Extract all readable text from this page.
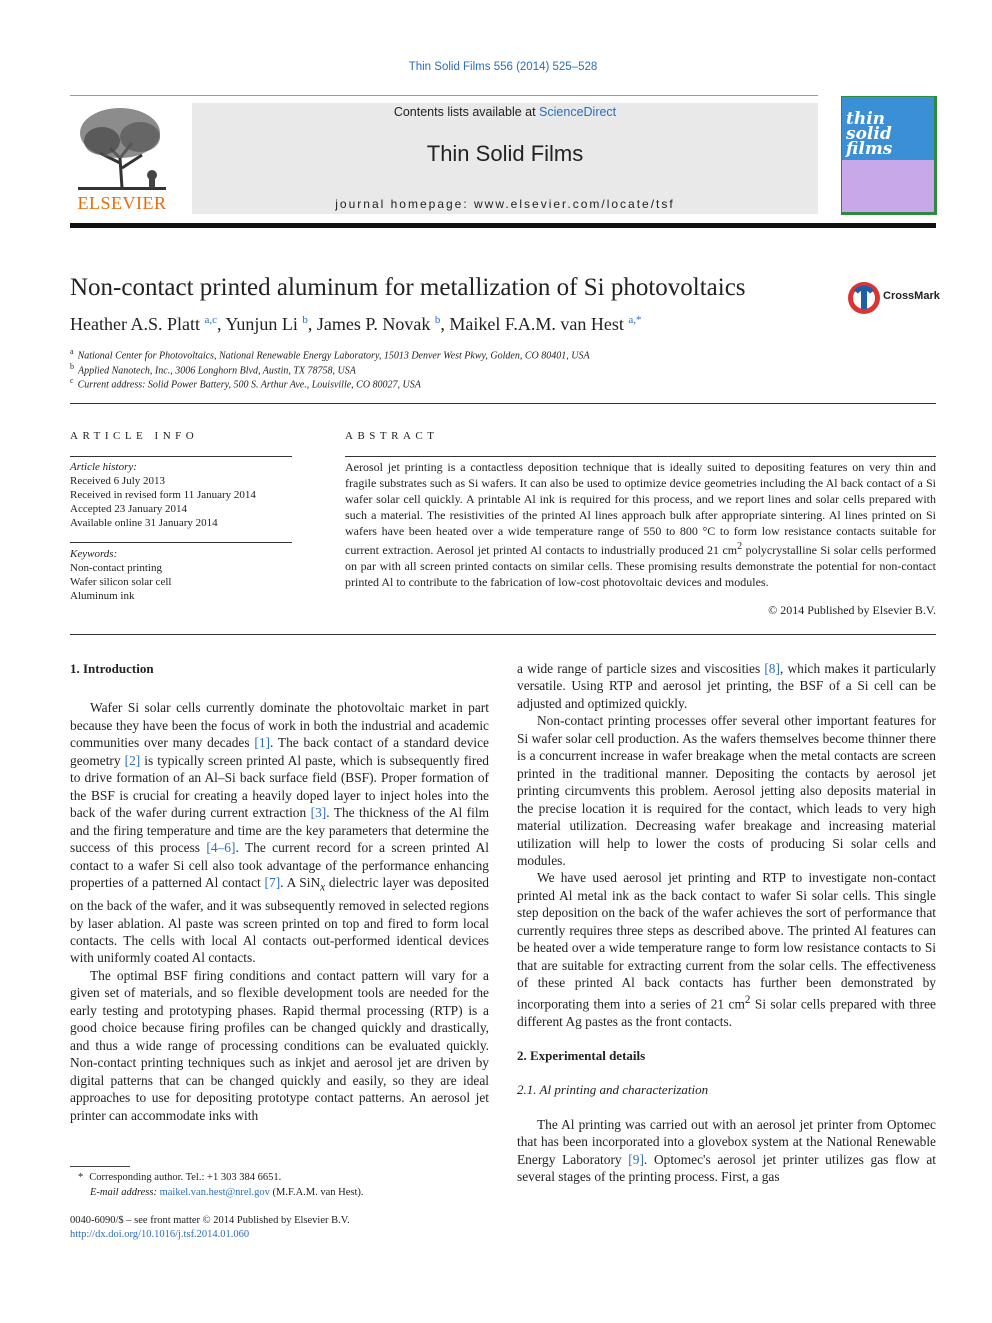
Thin Solid Films 556 (2014) 525–528
ELSEVIER
Contents lists available at ScienceDirect
Thin Solid Films
journal homepage: www.elsevier.com/locate/tsf
thin solid films
Non-contact printed aluminum for metallization of Si photovoltaics	CrossMark
Heather A.S. Platt $^{a,c}$, Yunjun Li $^b$, James P. Novak $^b$, Maikel F.A.M. van Hest $^{a,*}$
$^a$ National Center for Photovoltaics, National Renewable Energy Laboratory, 15013 Denver West Pkwy, Golden, CO 80401, USA
$^b$ Applied Nanotech, Inc., 3006 Longhorn Blvd, Austin, TX 78758, USA
$^c$ Current address: Solid Power Battery, 500 S. Arthur Ave., Louisville, CO 80027, USA
ARTICLE INFO
Article history:
Received 6 July 2013
Received in revised form 11 January 2014
Accepted 23 January 2014
Available online 31 January 2014
Keywords:
Non-contact printing
Wafer silicon solar cell
Aluminum ink
ABSTRACT
Aerosol jet printing is a contactless deposition technique that is ideally suited to depositing features on very thin and fragile substrates such as Si wafers. It can also be used to optimize device geometries including the Al back contact of a Si wafer solar cell quickly. A printable Al ink is required for this process, and we report lines and solar cells prepared with such a material. The resistivities of the printed Al lines approach bulk after appropriate sintering. Al lines printed on Si wafers have been heated over a wide temperature range of 550 to 800 °C to form low resistance contacts suitable for current extraction. Aerosol jet printed Al contacts to industrially produced 21 $cm^2$ polycrystalline Si solar cells performed on par with all screen printed contacts on similar cells. These promising results demonstrate the potential for non-contact printed Al to contribute to the fabrication of low-cost photovoltaic devices and modules.
© 2014 Published by Elsevier B.V.
1. Introduction

Wafer Si solar cells currently dominate the photovoltaic market in part because they have been the focus of work in both the industrial and academic communities over many decades [1]. The back contact of a standard device geometry [2] is typically screen printed Al paste, which is subsequently fired to drive formation of an Al–Si back surface field (BSF). Proper formation of the BSF is crucial for creating a heavily doped layer to inject holes into the back of the wafer during current extraction [3]. The thickness of the Al film and the firing temperature and time are the key parameters that determine the success of this process [4–6]. The current record for a screen printed Al contact to a wafer Si cell also took advantage of the performance enhancing properties of a patterned Al contact [7]. A SiN$_x$ dielectric layer was deposited on the back of the wafer, and it was subsequently removed in selected regions by laser ablation. Al paste was screen printed on top and fired to form local contacts. The cells with local Al contacts out-performed identical devices with uniformly coated Al contacts.

The optimal BSF firing conditions and contact pattern will vary for a given set of materials, and so flexible development tools are needed for the early testing and prototyping phases. Rapid thermal processing (RTP) is a good choice because firing profiles can be changed quickly and drastically, and thus a wide range of processing conditions can be evaluated quickly. Non-contact printing techniques such as inkjet and aerosol jet are driven by digital patterns that can be changed quickly and easily, so they are ideal approaches to use for depositing prototype contact patterns. An aerosol jet printer can accommodate inks with

* Corresponding author. Tel.: +1 303 384 6651.
E-mail address: maikel.van.hest@nrel.gov (M.F.A.M. van Hest).
0040-6090/$ – see front matter © 2014 Published by Elsevier B.V.
http://dx.doi.org/10.1016/j.tsf.2014.01.060

a wide range of particle sizes and viscosities [8], which makes it particularly versatile. Using RTP and aerosol jet printing, the BSF of a Si cell can be adjusted and optimized quickly.

Non-contact printing processes offer several other important features for Si wafer solar cell production. As the wafers themselves become thinner there is a concurrent increase in wafer breakage when the metal contacts are screen printed in the traditional manner. Depositing the contacts by aerosol jet printing circumvents this problem. Aerosol jetting also deposits material in the precise location it is required for the contact, which leads to very high material utilization. Decreasing wafer breakage and increasing material utilization will help to lower the costs of producing Si solar cells and modules.

We have used aerosol jet printing and RTP to investigate non-contact printed Al metal ink as the back contact to wafer Si solar cells. This single step deposition on the back of the wafer achieves the sort of performance that currently requires three steps as described above. The printed Al features can be heated over a wide temperature range to form low resistance contacts to Si that are suitable for extracting current from the solar cells. The effectiveness of these printed Al back contacts has further been demonstrated by incorporating them into a series of 21 $cm^2$ Si solar cells prepared with three different Ag pastes as the front contacts.

2. Experimental details
2.1. Al printing and characterization

The Al printing was carried out with an aerosol jet printer from Optomec that has been incorporated into a glovebox system at the National Renewable Energy Laboratory [9]. Optomec's aerosol jet printer utilizes gas flow at several stages of the printing process. First, a gas
